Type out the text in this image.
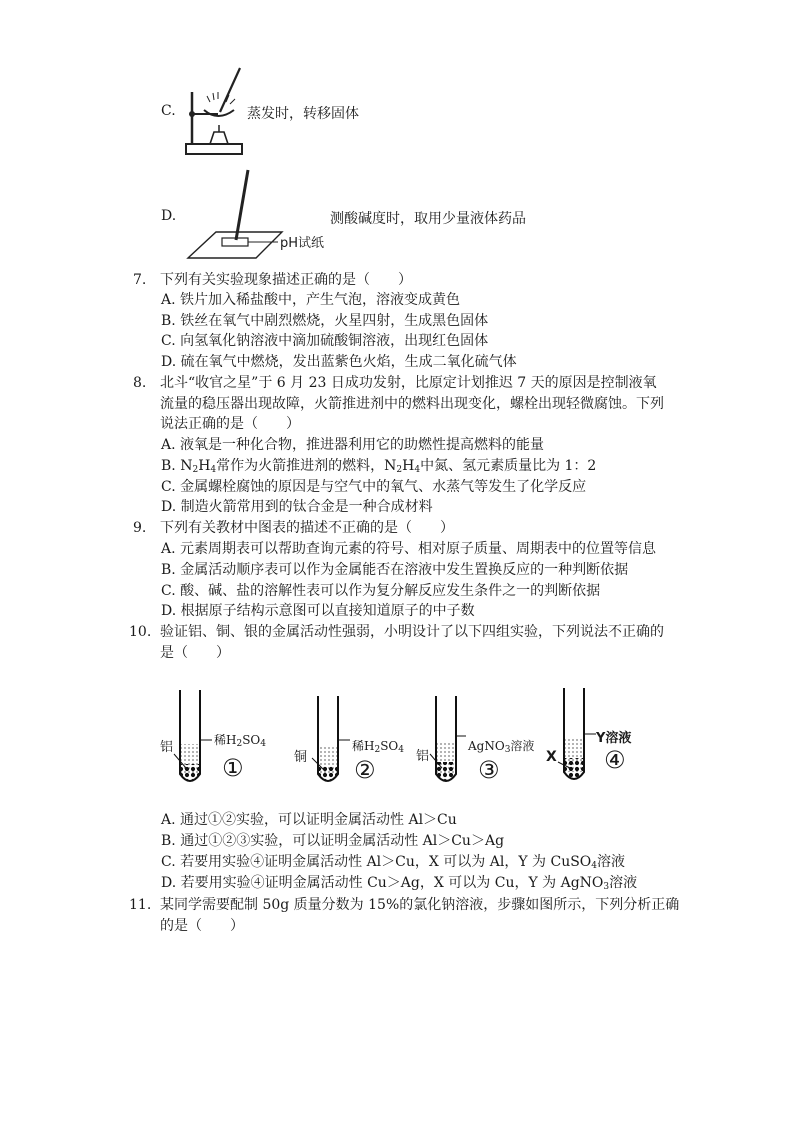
C.	蒸发时，转移固体
D.
pH试纸
测酸碱度时，取用少量液体药品
7. 下列有关实验现象描述正确的是（　　）
A. 铁片加入稀盐酸中，产生气泡，溶液变成黄色
B. 铁丝在氧气中剧烈燃烧，火星四射，生成黑色固体
C. 向氢氧化钠溶液中滴加硫酸铜溶液，出现红色固体
D. 硫在氧气中燃烧，发出蓝紫色火焰，生成二氧化硫气体
8. 北斗“收官之星”于 6 月 23 日成功发射，比原定计划推迟 7 天的原因是控制液氧
流量的稳压器出现故障，火箭推进剂中的燃料出现变化，螺栓出现轻微腐蚀。下列
说法正确的是（　　）
A. 液氧是一种化合物，推进器利用它的助燃性提高燃料的能量
B. $N_2H_4$常作为火箭推进剂的燃料，$N_2H_4$中氮、氢元素质量比为 1：2
C. 金属螺栓腐蚀的原因是与空气中的氧气、水蒸气等发生了化学反应
D. 制造火箭常用到的钛合金是一种合成材料
9. 下列有关教材中图表的描述不正确的是（　　）
A. 元素周期表可以帮助查询元素的符号、相对原子质量、周期表中的位置等信息
B. 金属活动顺序表可以作为金属能否在溶液中发生置换反应的一种判断依据
C. 酸、碱、盐的溶解性表可以作为复分解反应发生条件之一的判断依据
D. 根据原子结构示意图可以直接知道原子的中子数
10. 验证铝、铜、银的金属活动性强弱，小明设计了以下四组实验，下列说法不正确的
是（　　）
铝	稀$H_2SO_4$
①	铜
稀$H_2SO_4$
②	铝
AgNO$_3$溶液
③	X
Y溶液
④
A. 通过①②实验，可以证明金属活动性 Al＞Cu
B. 通过①②③实验，可以证明金属活动性 Al＞Cu＞Ag
C. 若要用实验④证明金属活动性 Al＞Cu，X 可以为 Al，Y 为 CuSO$_4$溶液
D. 若要用实验④证明金属活动性 Cu＞Ag，X 可以为 Cu，Y 为 AgNO$_3$溶液
11. 某同学需要配制 50g 质量分数为 15%的氯化钠溶液，步骤如图所示，下列分析正确
的是（　　）
